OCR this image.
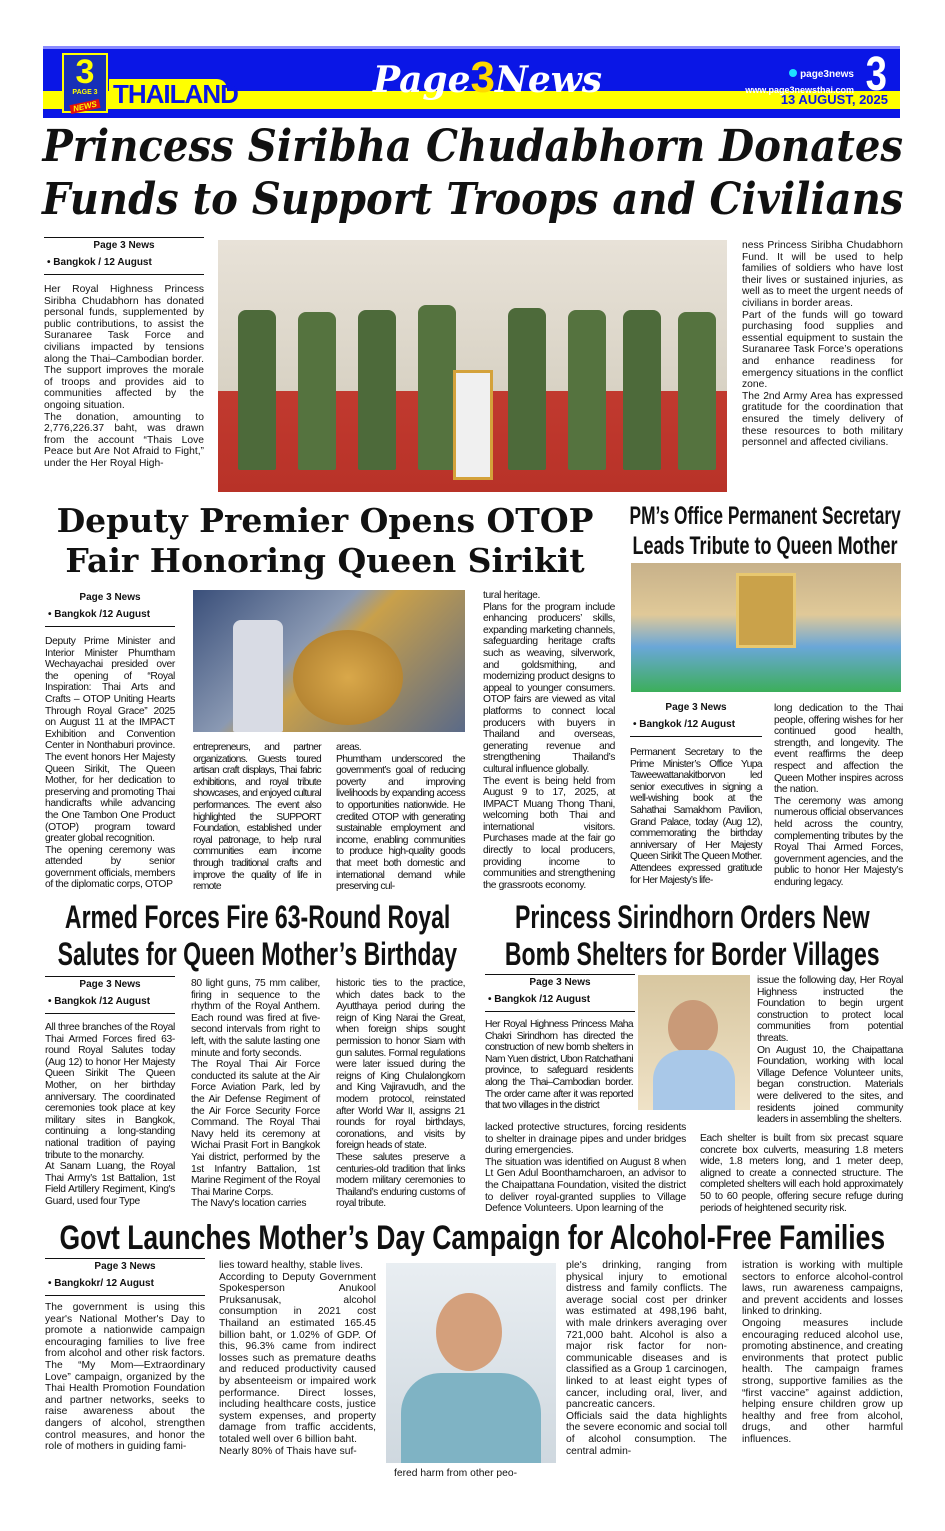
THAILAND
3
PAGE 3
NEWS
Page3News	page3news
www.page3newsthai.com 3
13 AUGUST, 2025
Princess Siribha Chudabhorn Donates
Funds to Support Troops and Civilians
Page 3 News
• Bangkok / 12 August

Her Royal Highness Princess Siribha Chudabhorn has donated personal funds, supplemented by public contributions, to assist the Suranaree Task Force and civilians impacted by tensions along the Thai–Cambodian border. The support improves the morale of troops and provides aid to communities affected by the ongoing situation.

The donation, amounting to 2,776,226.37 baht, was drawn from the account “Thais Love Peace but Are Not Afraid to Fight,” under the Her Royal High-

ness Princess Siribha Chudabhorn Fund. It will be used to help families of soldiers who have lost their lives or sustained injuries, as well as to meet the urgent needs of civilians in border areas.

Part of the funds will go toward purchasing food supplies and essential equipment to sustain the Suranaree Task Force’s operations and enhance readiness for emergency situations in the conflict zone.

The 2nd Army Area has expressed gratitude for the coordination that ensured the timely delivery of these resources to both military personnel and affected civilians.

Deputy Premier Opens OTOP
Fair Honoring Queen Sirikit
Page 3 News
• Bangkok /12 August

Deputy Prime Minister and Interior Minister Phumtham Wechayachai presided over the opening of “Royal Inspiration: Thai Arts and Crafts – OTOP Uniting Hearts Through Royal Grace” 2025 on August 11 at the IMPACT Exhibition and Convention Center in Nonthaburi province. The event honors Her Majesty Queen Sirikit, The Queen Mother, for her dedication to preserving and promoting Thai handicrafts while advancing the One Tambon One Product (OTOP) program toward greater global recognition.

The opening ceremony was attended by senior government officials, members of the diplomatic corps, OTOP

entrepreneurs, and partner organizations. Guests toured artisan craft displays, Thai fabric exhibitions, and royal tribute showcases, and enjoyed cultural performances. The event also highlighted the SUPPORT Foundation, established under royal patronage, to help rural communities earn income through traditional crafts and improve the quality of life in remote

areas.

Phumtham underscored the government’s goal of reducing poverty and improving livelihoods by expanding access to opportunities nationwide. He credited OTOP with generating sustainable employment and income, enabling communities to produce high-quality goods that meet both domestic and international demand while preserving cul-

tural heritage.

Plans for the program include enhancing producers’ skills, expanding marketing channels, safeguarding heritage crafts such as weaving, silverwork, and goldsmithing, and modernizing product designs to appeal to younger consumers. OTOP fairs are viewed as vital platforms to connect local producers with buyers in Thailand and overseas, generating revenue and strengthening Thailand’s cultural influence globally.

The event is being held from August 9 to 17, 2025, at IMPACT Muang Thong Thani, welcoming both Thai and international visitors. Purchases made at the fair go directly to local producers, providing income to communities and strengthening the grassroots economy.

PM’s Office Permanent Secretary
Leads Tribute to Queen Mother
Page 3 News
• Bangkok /12 August

Permanent Secretary to the Prime Minister’s Office Yupa Taweewattanakitborvon led senior executives in signing a well-wishing book at the Sahathai Samakhom Pavilion, Grand Palace, today (Aug 12), commemorating the birthday anniversary of Her Majesty Queen Sirikit The Queen Mother.

Attendees expressed gratitude for Her Majesty’s life-

long dedication to the Thai people, offering wishes for her continued good health, strength, and longevity. The event reaffirms the deep respect and affection the Queen Mother inspires across the nation.

The ceremony was among numerous official observances held across the country, complementing tributes by the Royal Thai Armed Forces, government agencies, and the public to honor Her Majesty’s enduring legacy.

Armed Forces Fire 63-Round Royal
Salutes for Queen Mother’s Birthday
Page 3 News
• Bangkok /12 August

All three branches of the Royal Thai Armed Forces fired 63-round Royal Salutes today (Aug 12) to honor Her Majesty Queen Sirikit The Queen Mother, on her birthday anniversary. The coordinated ceremonies took place at key military sites in Bangkok, continuing a long-standing national tradition of paying tribute to the monarchy.

At Sanam Luang, the Royal Thai Army’s 1st Battalion, 1st Field Artillery Regiment, King's Guard, used four Type

80 light guns, 75 mm caliber, firing in sequence to the rhythm of the Royal Anthem. Each round was fired at five-second intervals from right to left, with the salute lasting one minute and forty seconds.

The Royal Thai Air Force conducted its salute at the Air Force Aviation Park, led by the Air Defense Regiment of the Air Force Security Force Command. The Royal Thai Navy held its ceremony at Wichai Prasit Fort in Bangkok Yai district, performed by the 1st Infantry Battalion, 1st Marine Regiment of the Royal Thai Marine Corps.

The Navy's location carries

historic ties to the practice, which dates back to the Ayutthaya period during the reign of King Narai the Great, when foreign ships sought permission to honor Siam with gun salutes. Formal regulations were later issued during the reigns of King Chulalongkorn and King Vajiravudh, and the modern protocol, reinstated after World War II, assigns 21 rounds for royal birthdays, coronations, and visits by foreign heads of state.

These salutes preserve a centuries-old tradition that links modern military ceremonies to Thailand’s enduring customs of royal tribute.

Princess Sirindhorn Orders New
Bomb Shelters for Border Villages
Page 3 News
• Bangkok /12 August

Her Royal Highness Princess Maha Chakri Sirindhorn has directed the construction of new bomb shelters in Nam Yuen district, Ubon Ratchathani province, to safeguard residents along the Thai–Cambodian border. The order came after it was reported that two villages in the district

lacked protective structures, forcing residents to shelter in drainage pipes and under bridges during emergencies.

The situation was identified on August 8 when Lt Gen Adul Boonthamcharoen, an advisor to the Chaipattana Foundation, visited the district to deliver royal-granted supplies to Village Defence Volunteers. Upon learning of the

issue the following day, Her Royal Highness instructed the Foundation to begin urgent construction to protect local communities from potential threats.

On August 10, the Chaipattana Foundation, working with local Village Defence Volunteer units, began construction. Materials were delivered to the sites, and residents joined community leaders in assembling the shelters.

Each shelter is built from six precast square concrete box culverts, measuring 1.8 meters wide, 1.8 meters long, and 1 meter deep, aligned to create a connected structure. The completed shelters will each hold approximately 50 to 60 people, offering secure refuge during periods of heightened security risk.

Govt Launches Mother’s Day Campaign for Alcohol-Free Families
Page 3 News
• Bangkokr/ 12 August

The government is using this year's National Mother's Day to promote a nationwide campaign encouraging families to live free from alcohol and other risk factors. The “My Mom—Extraordinary Love” campaign, organized by the Thai Health Promotion Foundation and partner networks, seeks to raise awareness about the dangers of alcohol, strengthen control measures, and honor the role of mothers in guiding fami-

lies toward healthy, stable lives.

According to Deputy Government Spokesperson Anukool Pruksanusak, alcohol consumption in 2021 cost Thailand an estimated 165.45 billion baht, or 1.02% of GDP. Of this, 96.3% came from indirect losses such as premature deaths and reduced productivity caused by absenteeism or impaired work performance. Direct losses, including healthcare costs, justice system expenses, and property damage from traffic accidents, totaled well over 6 billion baht.

Nearly 80% of Thais have suf-

fered harm from other peo-

ple's drinking, ranging from physical injury to emotional distress and family conflicts. The average social cost per drinker was estimated at 498,196 baht, with male drinkers averaging over 721,000 baht. Alcohol is also a major risk factor for non-communicable diseases and is classified as a Group 1 carcinogen, linked to at least eight types of cancer, including oral, liver, and pancreatic cancers.

Officials said the data highlights the severe economic and social toll of alcohol consumption. The central admin-

istration is working with multiple sectors to enforce alcohol-control laws, run awareness campaigns, and prevent accidents and losses linked to drinking.

Ongoing measures include encouraging reduced alcohol use, promoting abstinence, and creating environments that protect public health. The campaign frames strong, supportive families as the “first vaccine” against addiction, helping ensure children grow up healthy and free from alcohol, drugs, and other harmful influences.
